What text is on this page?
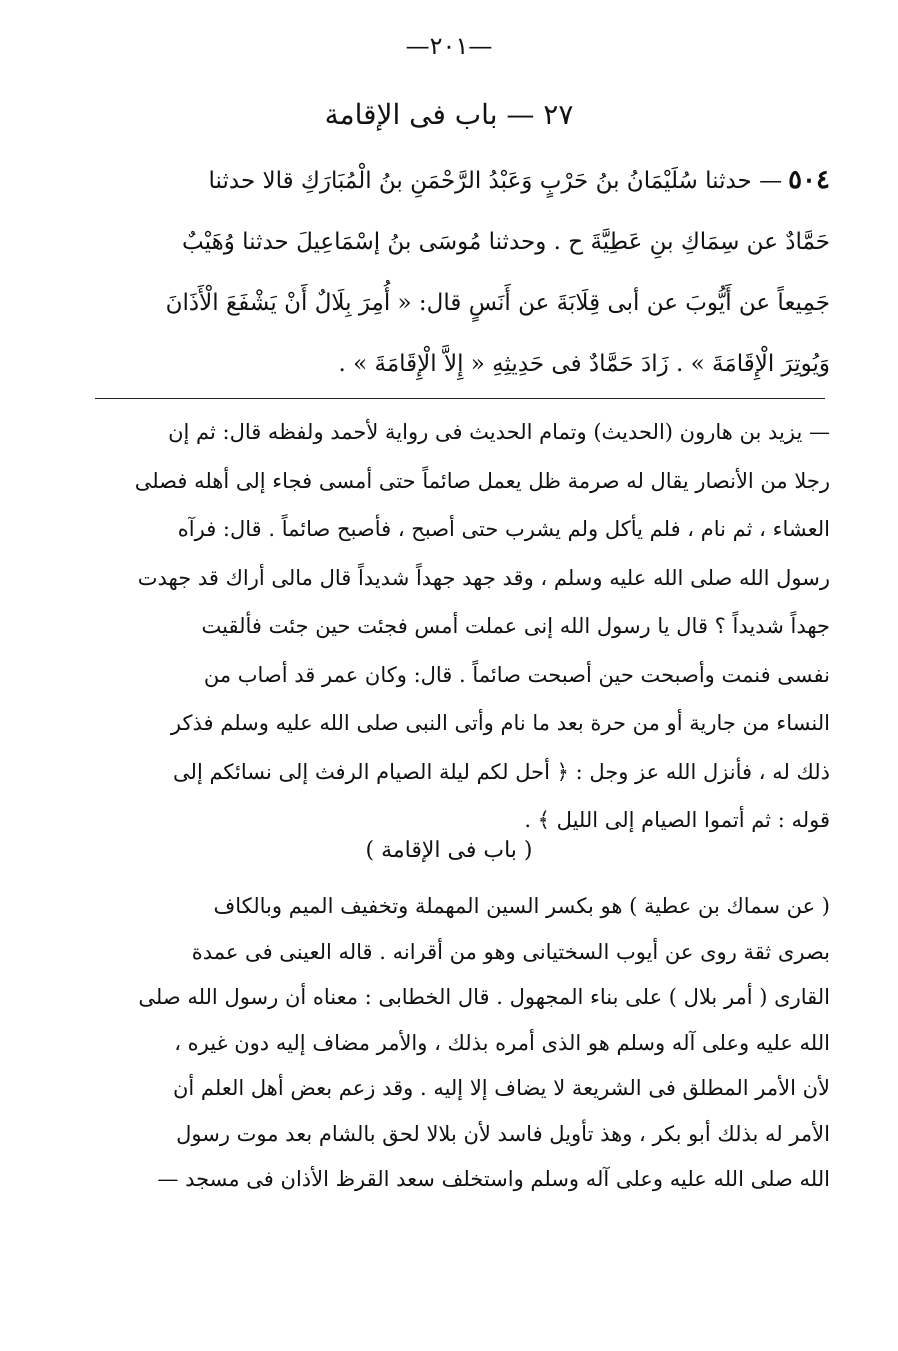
—٢٠١—
٢٧ — باب فى الإقامة
٥٠٤— حدثنا سُلَيْمَانُ بنُ حَرْبٍ وَعَبْدُ الرَّحْمَنِ بنُ الْمُبَارَكِ قالا حدثنا
حَمَّادٌ عن سِمَاكِ بنِ عَطِيَّةَ ح . وحدثنا مُوسَى بنُ إسْمَاعِيلَ حدثنا وُهَيْبٌ
جَمِيعاً عن أَيُّوبَ عن أبى قِلَابَةَ عن أَنَسٍ قال: « أُمِرَ بِلَالٌ أَنْ يَشْفَعَ الْأَذَانَ
وَيُوتِرَ الْإِقَامَةَ » . زَادَ حَمَّادٌ فى حَدِيثِهِ « إِلاَّ الْإِقَامَةَ » .
— يزيد بن هارون (الحديث) وتمام الحديث فى رواية لأحمد ولفظه قال: ثم إن
رجلا من الأنصار يقال له صرمة ظل يعمل صائماً حتى أمسى فجاء إلى أهله فصلى
العشاء ، ثم نام ، فلم يأكل ولم يشرب حتى أصبح ، فأصبح صائماً . قال: فرآه
رسول الله صلى الله عليه وسلم ، وقد جهد جهداً شديداً قال مالى أراك قد جهدت
جهداً شديداً ؟ قال يا رسول الله إنى عملت أمس فجئت حين جئت فألقيت
نفسى فنمت وأصبحت حين أصبحت صائماً . قال: وكان عمر قد أصاب من
النساء من جارية أو من حرة بعد ما نام وأتى النبى صلى الله عليه وسلم فذكر
ذلك له ، فأنزل الله عز وجل : ﴿ أحل لكم ليلة الصيام الرفث إلى نسائكم إلى
قوله : ثم أتموا الصيام إلى الليل ﴾ .
( باب فى الإقامة )
( عن سماك بن عطية ) هو بكسر السين المهملة وتخفيف الميم وبالكاف
بصرى ثقة روى عن أيوب السختيانى وهو من أقرانه . قاله العينى فى عمدة
القارى ( أمر بلال ) على بناء المجهول . قال الخطابى : معناه أن رسول الله صلى
الله عليه وعلى آله وسلم هو الذى أمره بذلك ، والأمر مضاف إليه دون غيره ،
لأن الأمر المطلق فى الشريعة لا يضاف إلا إليه . وقد زعم بعض أهل العلم أن
الأمر له بذلك أبو بكر ، وهذ تأويل فاسد لأن بلالا لحق بالشام بعد موت رسول
الله صلى الله عليه وعلى آله وسلم واستخلف سعد القرظ الأذان فى مسجد —
